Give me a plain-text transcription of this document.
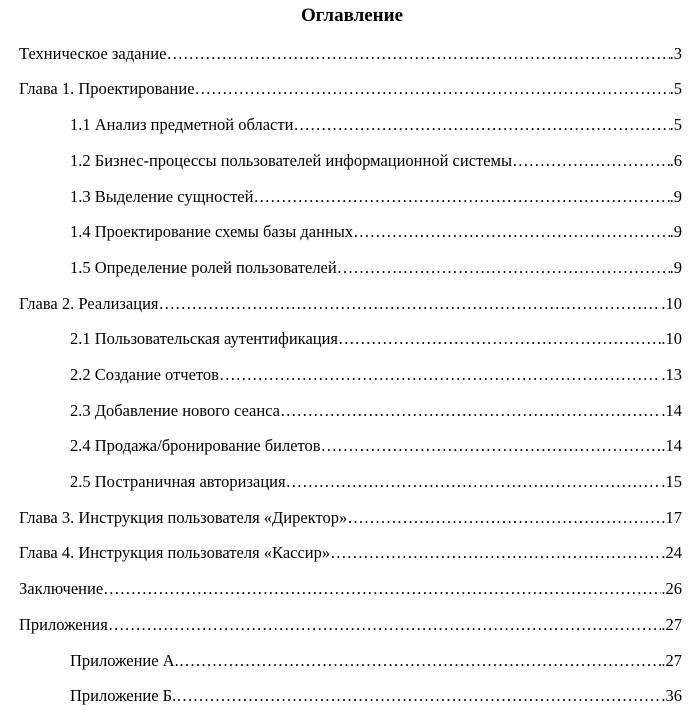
Оглавление
Техническое задание ……………………………………………………………………………………………………………………………………………………………………………………………………	.3
Глава 1. Проектирование ……………………………………………………………………………………………………………………………………………………………………………………………………	.5
1.1 Анализ предметной области ……………………………………………………………………………………………………………………………………………………………………………………………………	.5
1.2 Бизнес-процессы пользователей информационной системы ……………………………………………………………………………………………………………………………………………………………………………………………………	.6
1.3 Выделение сущностей ……………………………………………………………………………………………………………………………………………………………………………………………………	.9
1.4 Проектирование схемы базы данных ……………………………………………………………………………………………………………………………………………………………………………………………………	.9
1.5 Определение ролей пользователей ……………………………………………………………………………………………………………………………………………………………………………………………………	.9
Глава 2. Реализация ……………………………………………………………………………………………………………………………………………………………………………………………………	.10
2.1 Пользовательская аутентификация ……………………………………………………………………………………………………………………………………………………………………………………………………	.10
2.2 Создание отчетов ……………………………………………………………………………………………………………………………………………………………………………………………………	.13
2.3 Добавление нового сеанса ……………………………………………………………………………………………………………………………………………………………………………………………………	.14
2.4 Продажа/бронирование билетов ……………………………………………………………………………………………………………………………………………………………………………………………………	.14
2.5 Постраничная авторизация ……………………………………………………………………………………………………………………………………………………………………………………………………	.15
Глава 3. Инструкция пользователя «Директор» ……………………………………………………………………………………………………………………………………………………………………………………………………	.17
Глава 4. Инструкция пользователя «Кассир» ……………………………………………………………………………………………………………………………………………………………………………………………………	.24
Заключение ……………………………………………………………………………………………………………………………………………………………………………………………………	.26
Приложения ……………………………………………………………………………………………………………………………………………………………………………………………………	.27
Приложение А. ……………………………………………………………………………………………………………………………………………………………………………………………………	.27
Приложение Б. ……………………………………………………………………………………………………………………………………………………………………………………………………	.36
